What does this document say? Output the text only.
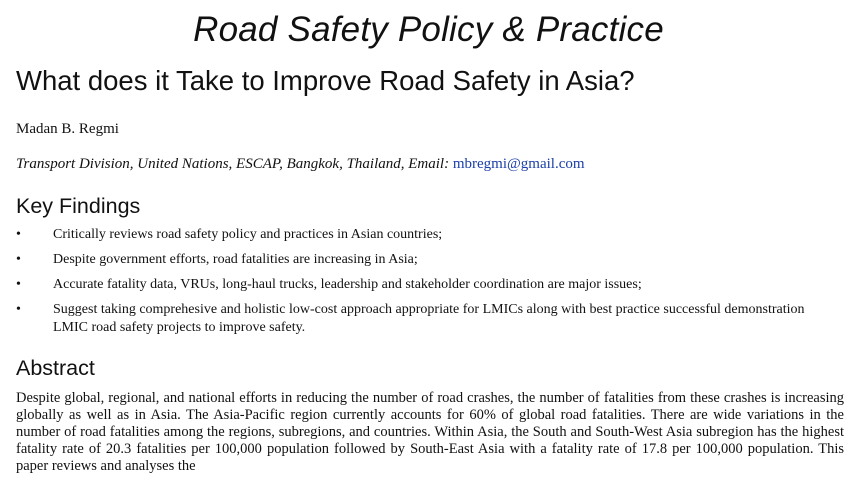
Road Safety Policy & Practice
What does it Take to Improve Road Safety in Asia?
Madan B. Regmi
Transport Division, United Nations, ESCAP, Bangkok, Thailand, Email: mbregmi@gmail.com
Key Findings
• Critically reviews road safety policy and practices in Asian countries;
• Despite government efforts, road fatalities are increasing in Asia;
• Accurate fatality data, VRUs, long-haul trucks, leadership and stakeholder coordination are major issues;
• Suggest taking comprehesive and holistic low-cost approach appropriate for LMICs along with best practice successful demonstration LMIC road safety projects to improve safety.
Abstract

Despite global, regional, and national efforts in reducing the number of road crashes, the number of fatalities from these crashes is increasing globally as well as in Asia. The Asia-Pacific region currently accounts for 60% of global road fatalities. There are wide variations in the number of road fatalities among the regions, subregions, and countries. Within Asia, the South and South-West Asia subregion has the highest fatality rate of 20.3 fatalities per 100,000 population followed by South-East Asia with a fatality rate of 17.8 per 100,000 population. This paper reviews and analyses the
